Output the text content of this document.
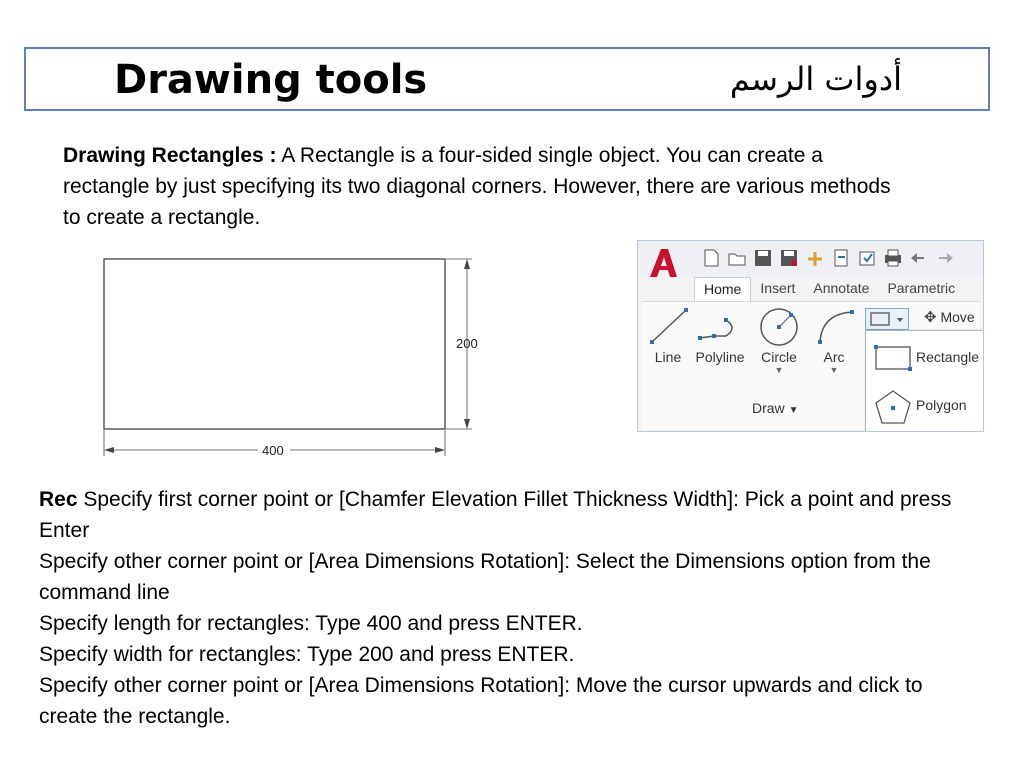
Drawing tools	أدوات الرسم
Drawing Rectangles : A Rectangle is a four-sided single object. You can create a rectangle by just specifying its two diagonal corners. However, there are various methods to create a rectangle.
200
400
Home	Insert	Annotate	Parametric
Line	Polyline	Circle
▼
Arc
▼
✥ Move
Draw ▼
Rectangle
Polygon

Rec Specify first corner point or [Chamfer Elevation Fillet Thickness Width]: Pick a point and press Enter

Specify other corner point or [Area Dimensions Rotation]: Select the Dimensions option from the command line

Specify length for rectangles: Type 400 and press ENTER.

Specify width for rectangles: Type 200 and press ENTER.

Specify other corner point or [Area Dimensions Rotation]: Move the cursor upwards and click to create the rectangle.
